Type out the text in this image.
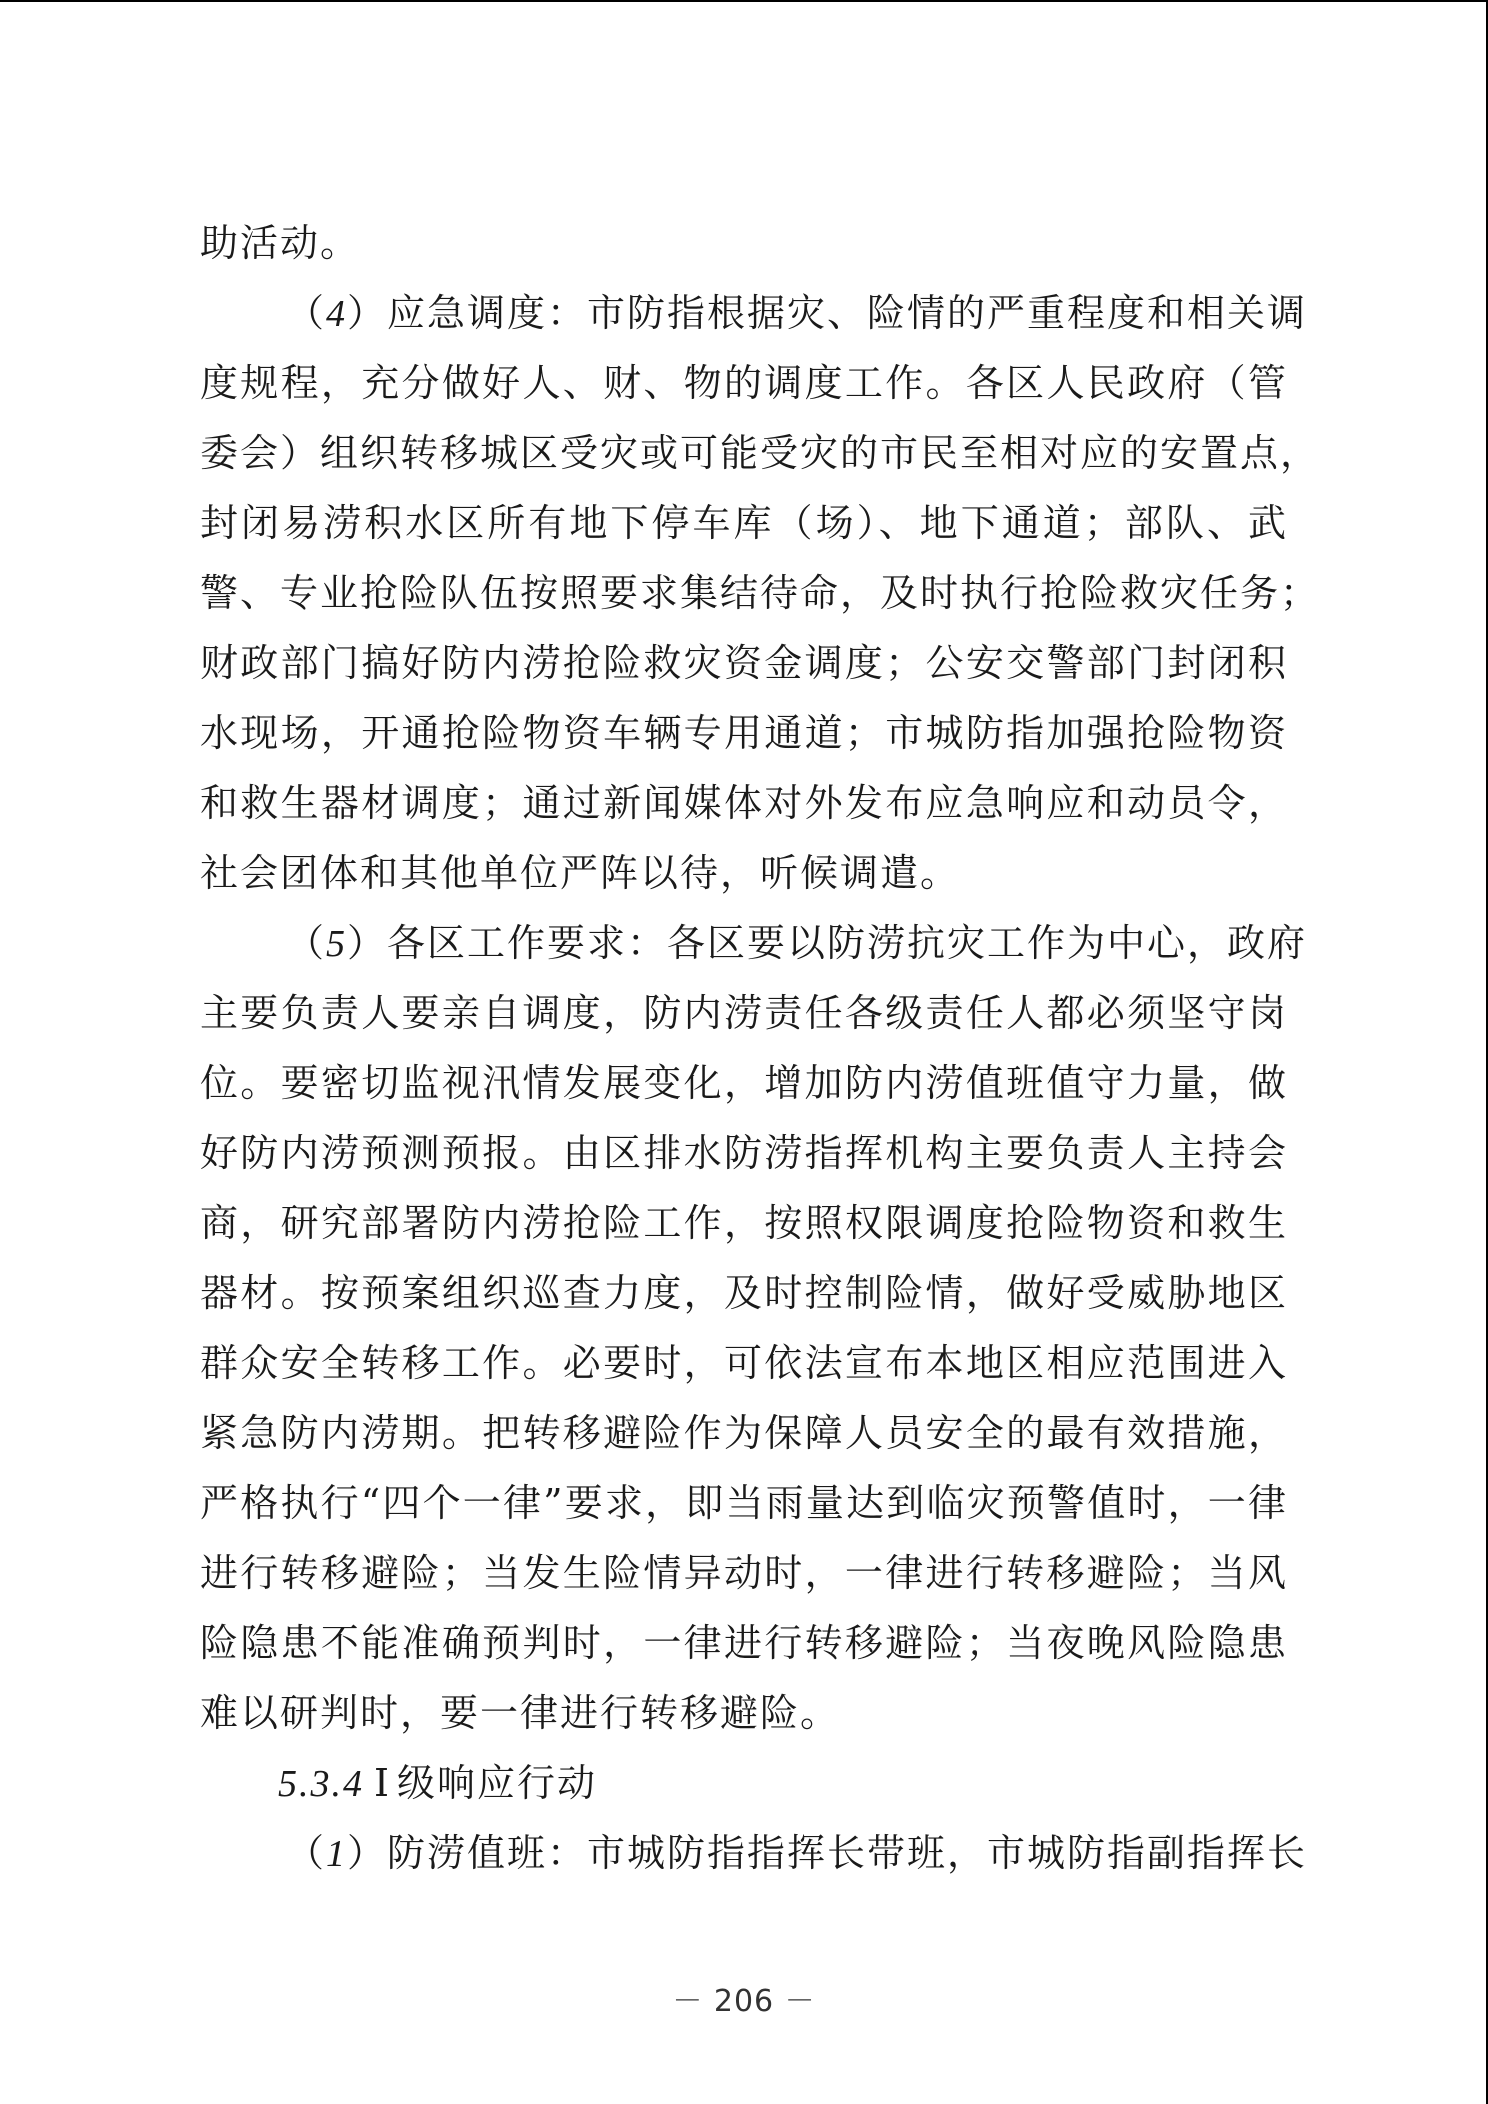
助活动。
（4）应急调度：市防指根据灾、险情的严重程度和相关调
度规程，充分做好人、财、物的调度工作。各区人民政府（管
委会）组织转移城区受灾或可能受灾的市民至相对应的安置点，
封闭易涝积水区所有地下停车库（场）、地下通道；部队、武
警、专业抢险队伍按照要求集结待命，及时执行抢险救灾任务；
财政部门搞好防内涝抢险救灾资金调度；公安交警部门封闭积
水现场，开通抢险物资车辆专用通道；市城防指加强抢险物资
和救生器材调度；通过新闻媒体对外发布应急响应和动员令，
社会团体和其他单位严阵以待，听候调遣。
（5）各区工作要求：各区要以防涝抗灾工作为中心，政府
主要负责人要亲自调度，防内涝责任各级责任人都必须坚守岗
位。要密切监视汛情发展变化，增加防内涝值班值守力量，做
好防内涝预测预报。由区排水防涝指挥机构主要负责人主持会
商，研究部署防内涝抢险工作，按照权限调度抢险物资和救生
器材。按预案组织巡查力度，及时控制险情，做好受威胁地区
群众安全转移工作。必要时，可依法宣布本地区相应范围进入
紧急防内涝期。把转移避险作为保障人员安全的最有效措施，
严格执行“四个一律”要求，即当雨量达到临灾预警值时，一律
进行转移避险；当发生险情异动时，一律进行转移避险；当风
险隐患不能准确预判时，一律进行转移避险；当夜晚风险隐患
难以研判时，要一律进行转移避险。
5.3.4 Ⅰ 级响应行动
（1）防涝值班：市城防指指挥长带班，市城防指副指挥长
－ 206 －
